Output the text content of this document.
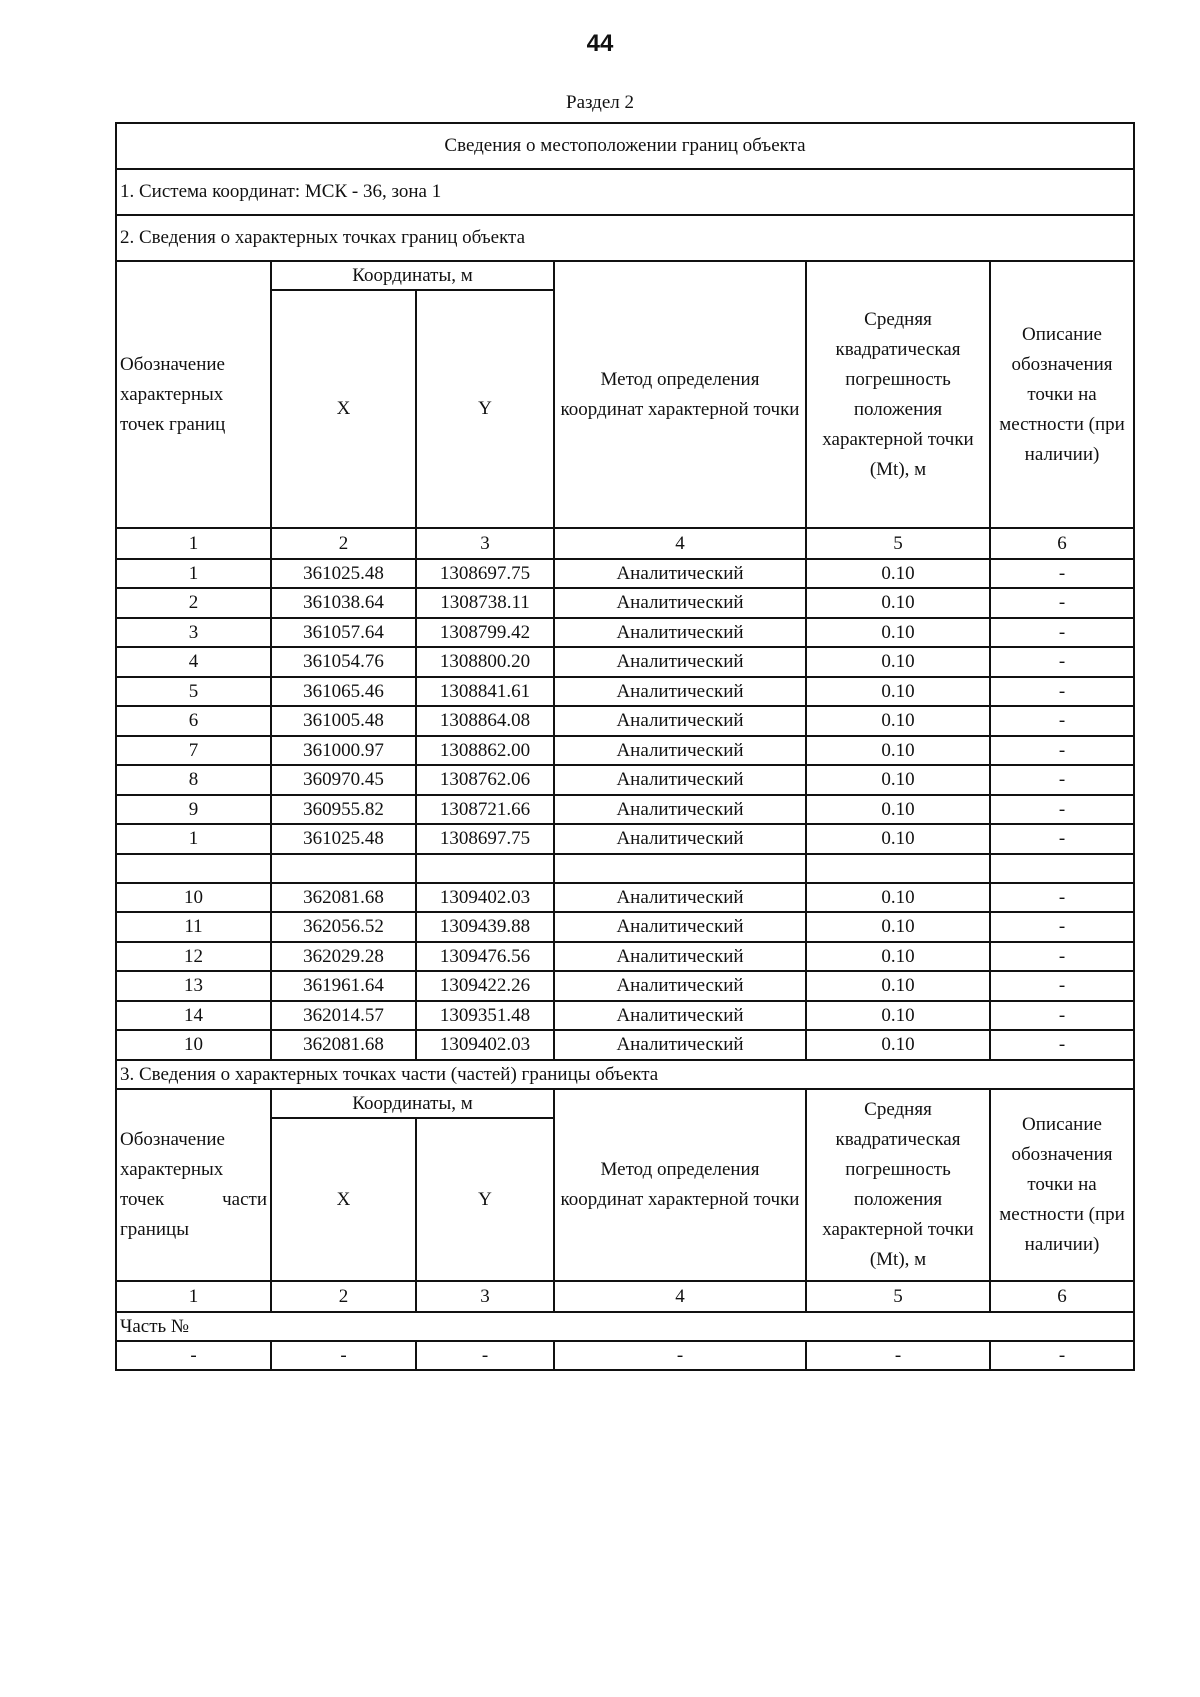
44
Раздел 2
Сведения о местоположении границ объекта
1. Система координат: МСК - 36, зона 1
2. Сведения о характерных точках границ объекта
Обозначение характерных точек границ	Координаты, м	Метод определения координат характерной точки	Средняя квадратическая погрешность положения характерной точки (Mt), м	Описание обозначения точки на местности (при наличии)
X	Y
1	2	3	4	5	6
1	361025.48	1308697.75	Аналитический	0.10	-
2	361038.64	1308738.11	Аналитический	0.10	-
3	361057.64	1308799.42	Аналитический	0.10	-
4	361054.76	1308800.20	Аналитический	0.10	-
5	361065.46	1308841.61	Аналитический	0.10	-
6	361005.48	1308864.08	Аналитический	0.10	-
7	361000.97	1308862.00	Аналитический	0.10	-
8	360970.45	1308762.06	Аналитический	0.10	-
9	360955.82	1308721.66	Аналитический	0.10	-
1	361025.48	1308697.75	Аналитический	0.10	-

10	362081.68	1309402.03	Аналитический	0.10	-
11	362056.52	1309439.88	Аналитический	0.10	-
12	362029.28	1309476.56	Аналитический	0.10	-
13	361961.64	1309422.26	Аналитический	0.10	-
14	362014.57	1309351.48	Аналитический	0.10	-
10	362081.68	1309402.03	Аналитический	0.10	-
3. Сведения о характерных точках части (частей) границы объекта
Обозначение характерных точек части границы	Координаты, м	Метод определения координат характерной точки	Средняя квадратическая погрешность положения характерной точки (Mt), м	Описание обозначения точки на местности (при наличии)
X	Y
1	2	3	4	5	6
Часть №
-	-	-	-	-	-
